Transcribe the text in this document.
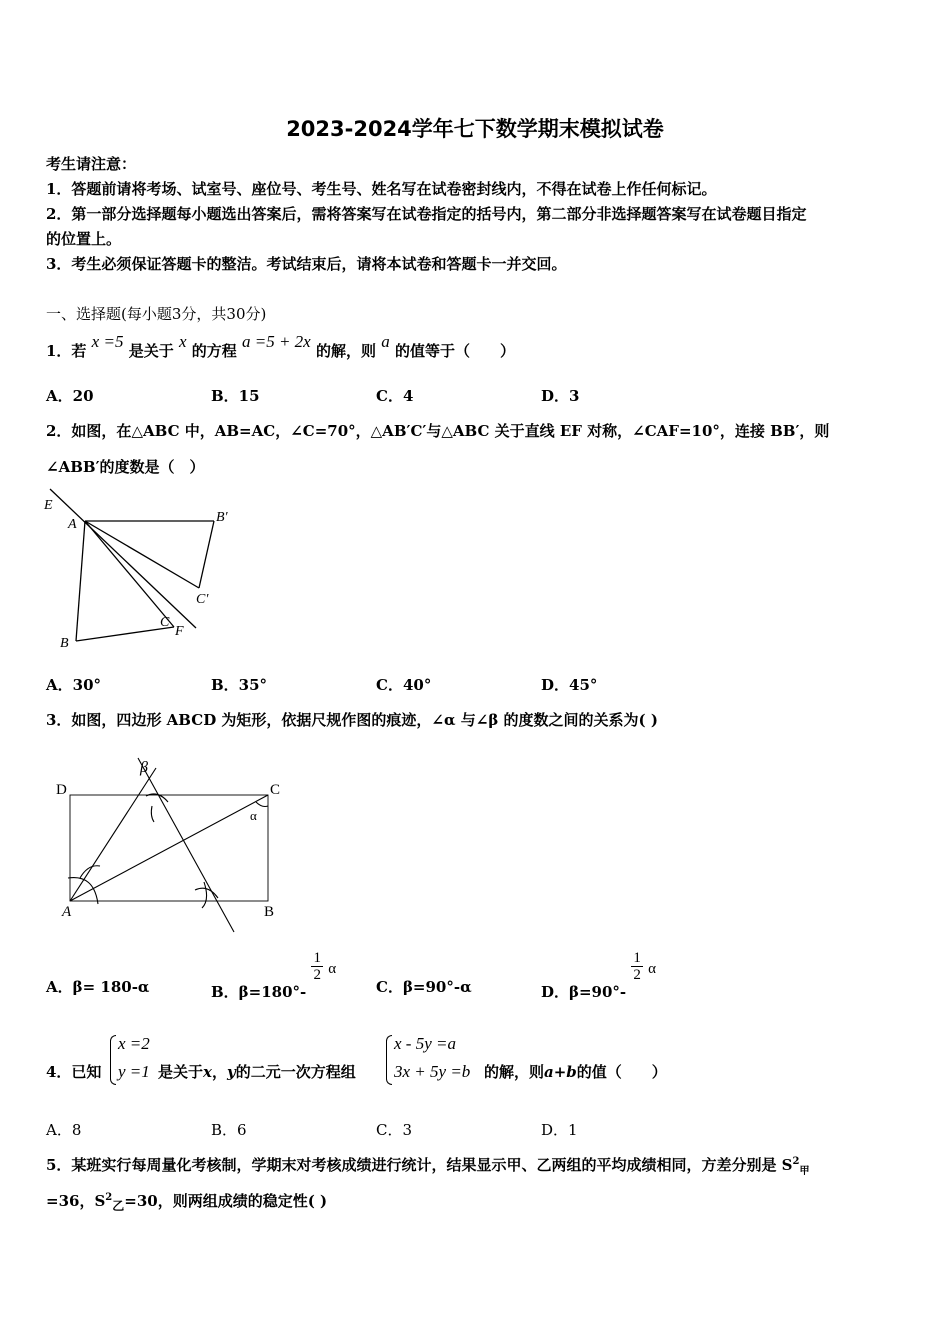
2023-2024学年七下数学期末模拟试卷
考生请注意：
1．答题前请将考场、试室号、座位号、考生号、姓名写在试卷密封线内，不得在试卷上作任何标记。
2．第一部分选择题每小题选出答案后，需将答案写在试卷指定的括号内，第二部分非选择题答案写在试卷题目指定
的位置上。
3．考生必须保证答题卡的整洁。考试结束后，请将本试卷和答题卡一并交回。
一、选择题(每小题3分，共30分)
1．若 x =5 是关于 x 的方程 a =5 + 2x 的解，则 a 的值等于（　　）
A．20	B．15	C．4	D．3
2．如图，在△ABC 中，AB=AC，∠C=70°，△AB′C′与△ABC 关于直线 EF 对称，∠CAF=10°，连接 BB′，则
∠ABB′的度数是（　）
E
A	B′
C′
C
F
B
A．30°	B．35°	C．40°	D．45°
3．如图，四边形 ABCD 为矩形，依据尺规作图的痕迹，∠α 与∠β 的度数之间的关系为( )
D	C
A	B
α
β
A．β= 180-α	B．β=180°-
$\frac{1}{2}$ α
C．β=90°-α	D．β=90°-
$\frac{1}{2}$ α
4．已知
x =2
y =1 是关于x，y的二元一次方程组
x - 5y =a
3x + 5y =b 的解，则a+b的值（　　）
A．8	B．6	C．3	D．1
5．某班实行每周量化考核制，学期末对考核成绩进行统计，结果显示甲、乙两组的平均成绩相同，方差分别是 $S^2_甲$
=36，$S^2_乙=30$，则两组成绩的稳定性( )
